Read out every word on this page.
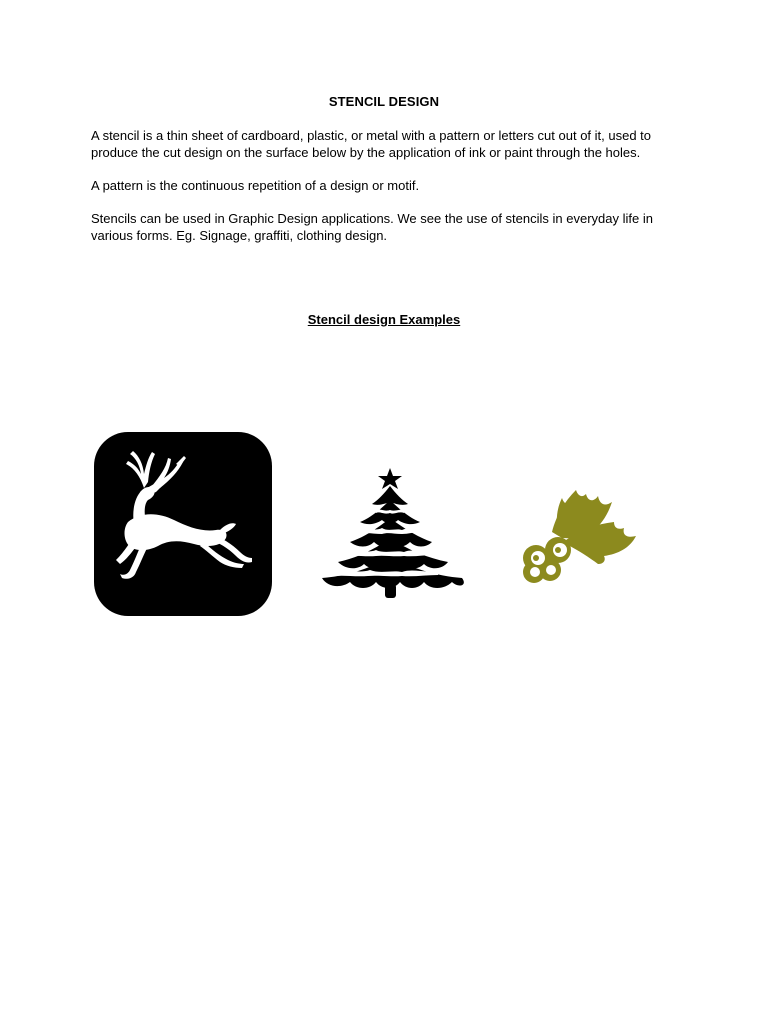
STENCIL DESIGN

A stencil is a thin sheet of cardboard, plastic, or metal with a pattern or letters cut out of it, used to produce the cut design on the surface below by the application of ink or paint through the holes.

A pattern is the continuous repetition of a design or motif.

Stencils can be used in Graphic Design applications. We see the use of stencils in everyday life in various forms. Eg. Signage, graffiti, clothing design.

Stencil design Examples
